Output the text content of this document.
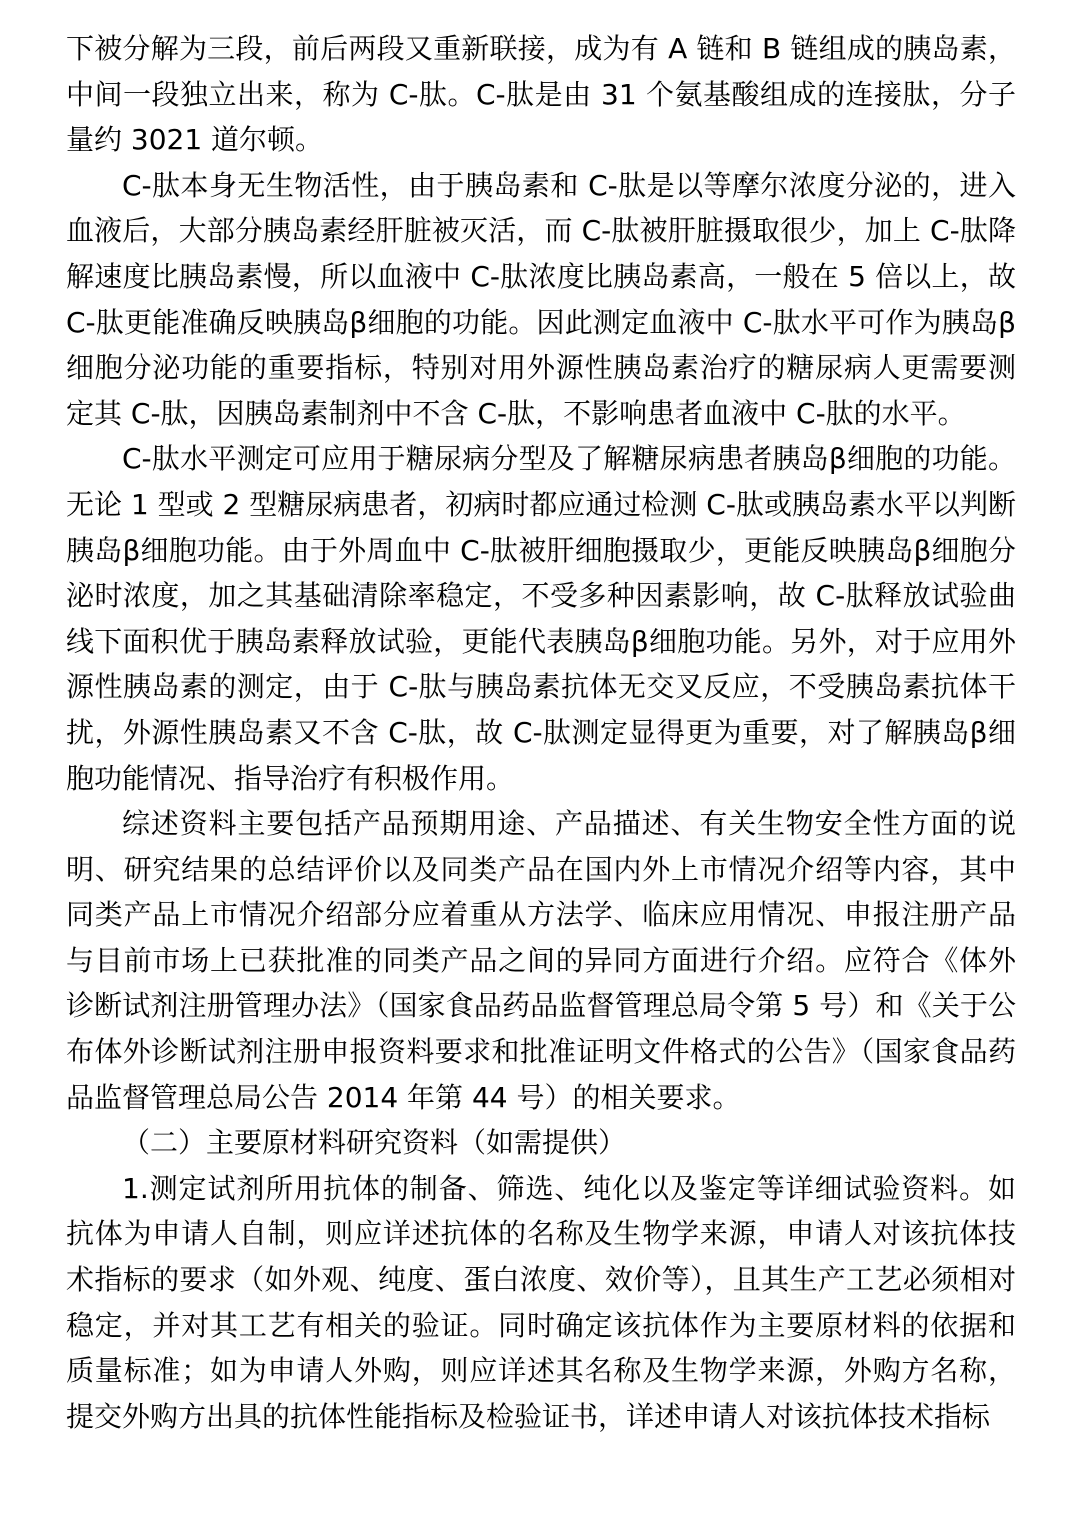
下被分解为三段，前后两段又重新联接，成为有 A 链和 B 链组成的胰岛素，中间一段独立出来，称为 C-肽。C-肽是由 31 个氨基酸组成的连接肽，分子量约 3021 道尔顿。

C-肽本身无生物活性，由于胰岛素和 C-肽是以等摩尔浓度分泌的，进入血液后，大部分胰岛素经肝脏被灭活，而 C-肽被肝脏摄取很少，加上 C-肽降解速度比胰岛素慢，所以血液中 C-肽浓度比胰岛素高，一般在 5 倍以上，故 C-肽更能准确反映胰岛β细胞的功能。因此测定血液中 C-肽水平可作为胰岛β细胞分泌功能的重要指标，特别对用外源性胰岛素治疗的糖尿病人更需要测定其 C-肽，因胰岛素制剂中不含 C-肽，不影响患者血液中 C-肽的水平。

C-肽水平测定可应用于糖尿病分型及了解糖尿病患者胰岛β细胞的功能。无论 1 型或 2 型糖尿病患者，初病时都应通过检测 C-肽或胰岛素水平以判断胰岛β细胞功能。由于外周血中 C-肽被肝细胞摄取少，更能反映胰岛β细胞分泌时浓度，加之其基础清除率稳定，不受多种因素影响，故 C-肽释放试验曲线下面积优于胰岛素释放试验，更能代表胰岛β细胞功能。另外，对于应用外源性胰岛素的测定，由于 C-肽与胰岛素抗体无交叉反应，不受胰岛素抗体干扰，外源性胰岛素又不含 C-肽，故 C-肽测定显得更为重要，对了解胰岛β细胞功能情况、指导治疗有积极作用。

综述资料主要包括产品预期用途、产品描述、有关生物安全性方面的说明、研究结果的总结评价以及同类产品在国内外上市情况介绍等内容，其中同类产品上市情况介绍部分应着重从方法学、临床应用情况、申报注册产品与目前市场上已获批准的同类产品之间的异同方面进行介绍。应符合《体外诊断试剂注册管理办法》（国家食品药品监督管理总局令第 5 号）和《关于公布体外诊断试剂注册申报资料要求和批准证明文件格式的公告》（国家食品药品监督管理总局公告 2014 年第 44 号）的相关要求。

（二）主要原材料研究资料（如需提供）

1.测定试剂所用抗体的制备、筛选、纯化以及鉴定等详细试验资料。如抗体为申请人自制，则应详述抗体的名称及生物学来源，申请人对该抗体技术指标的要求（如外观、纯度、蛋白浓度、效价等），且其生产工艺必须相对稳定，并对其工艺有相关的验证。同时确定该抗体作为主要原材料的依据和质量标准；如为申请人外购，则应详述其名称及生物学来源，外购方名称，提交外购方出具的抗体性能指标及检验证书，详述申请人对该抗体技术指标
